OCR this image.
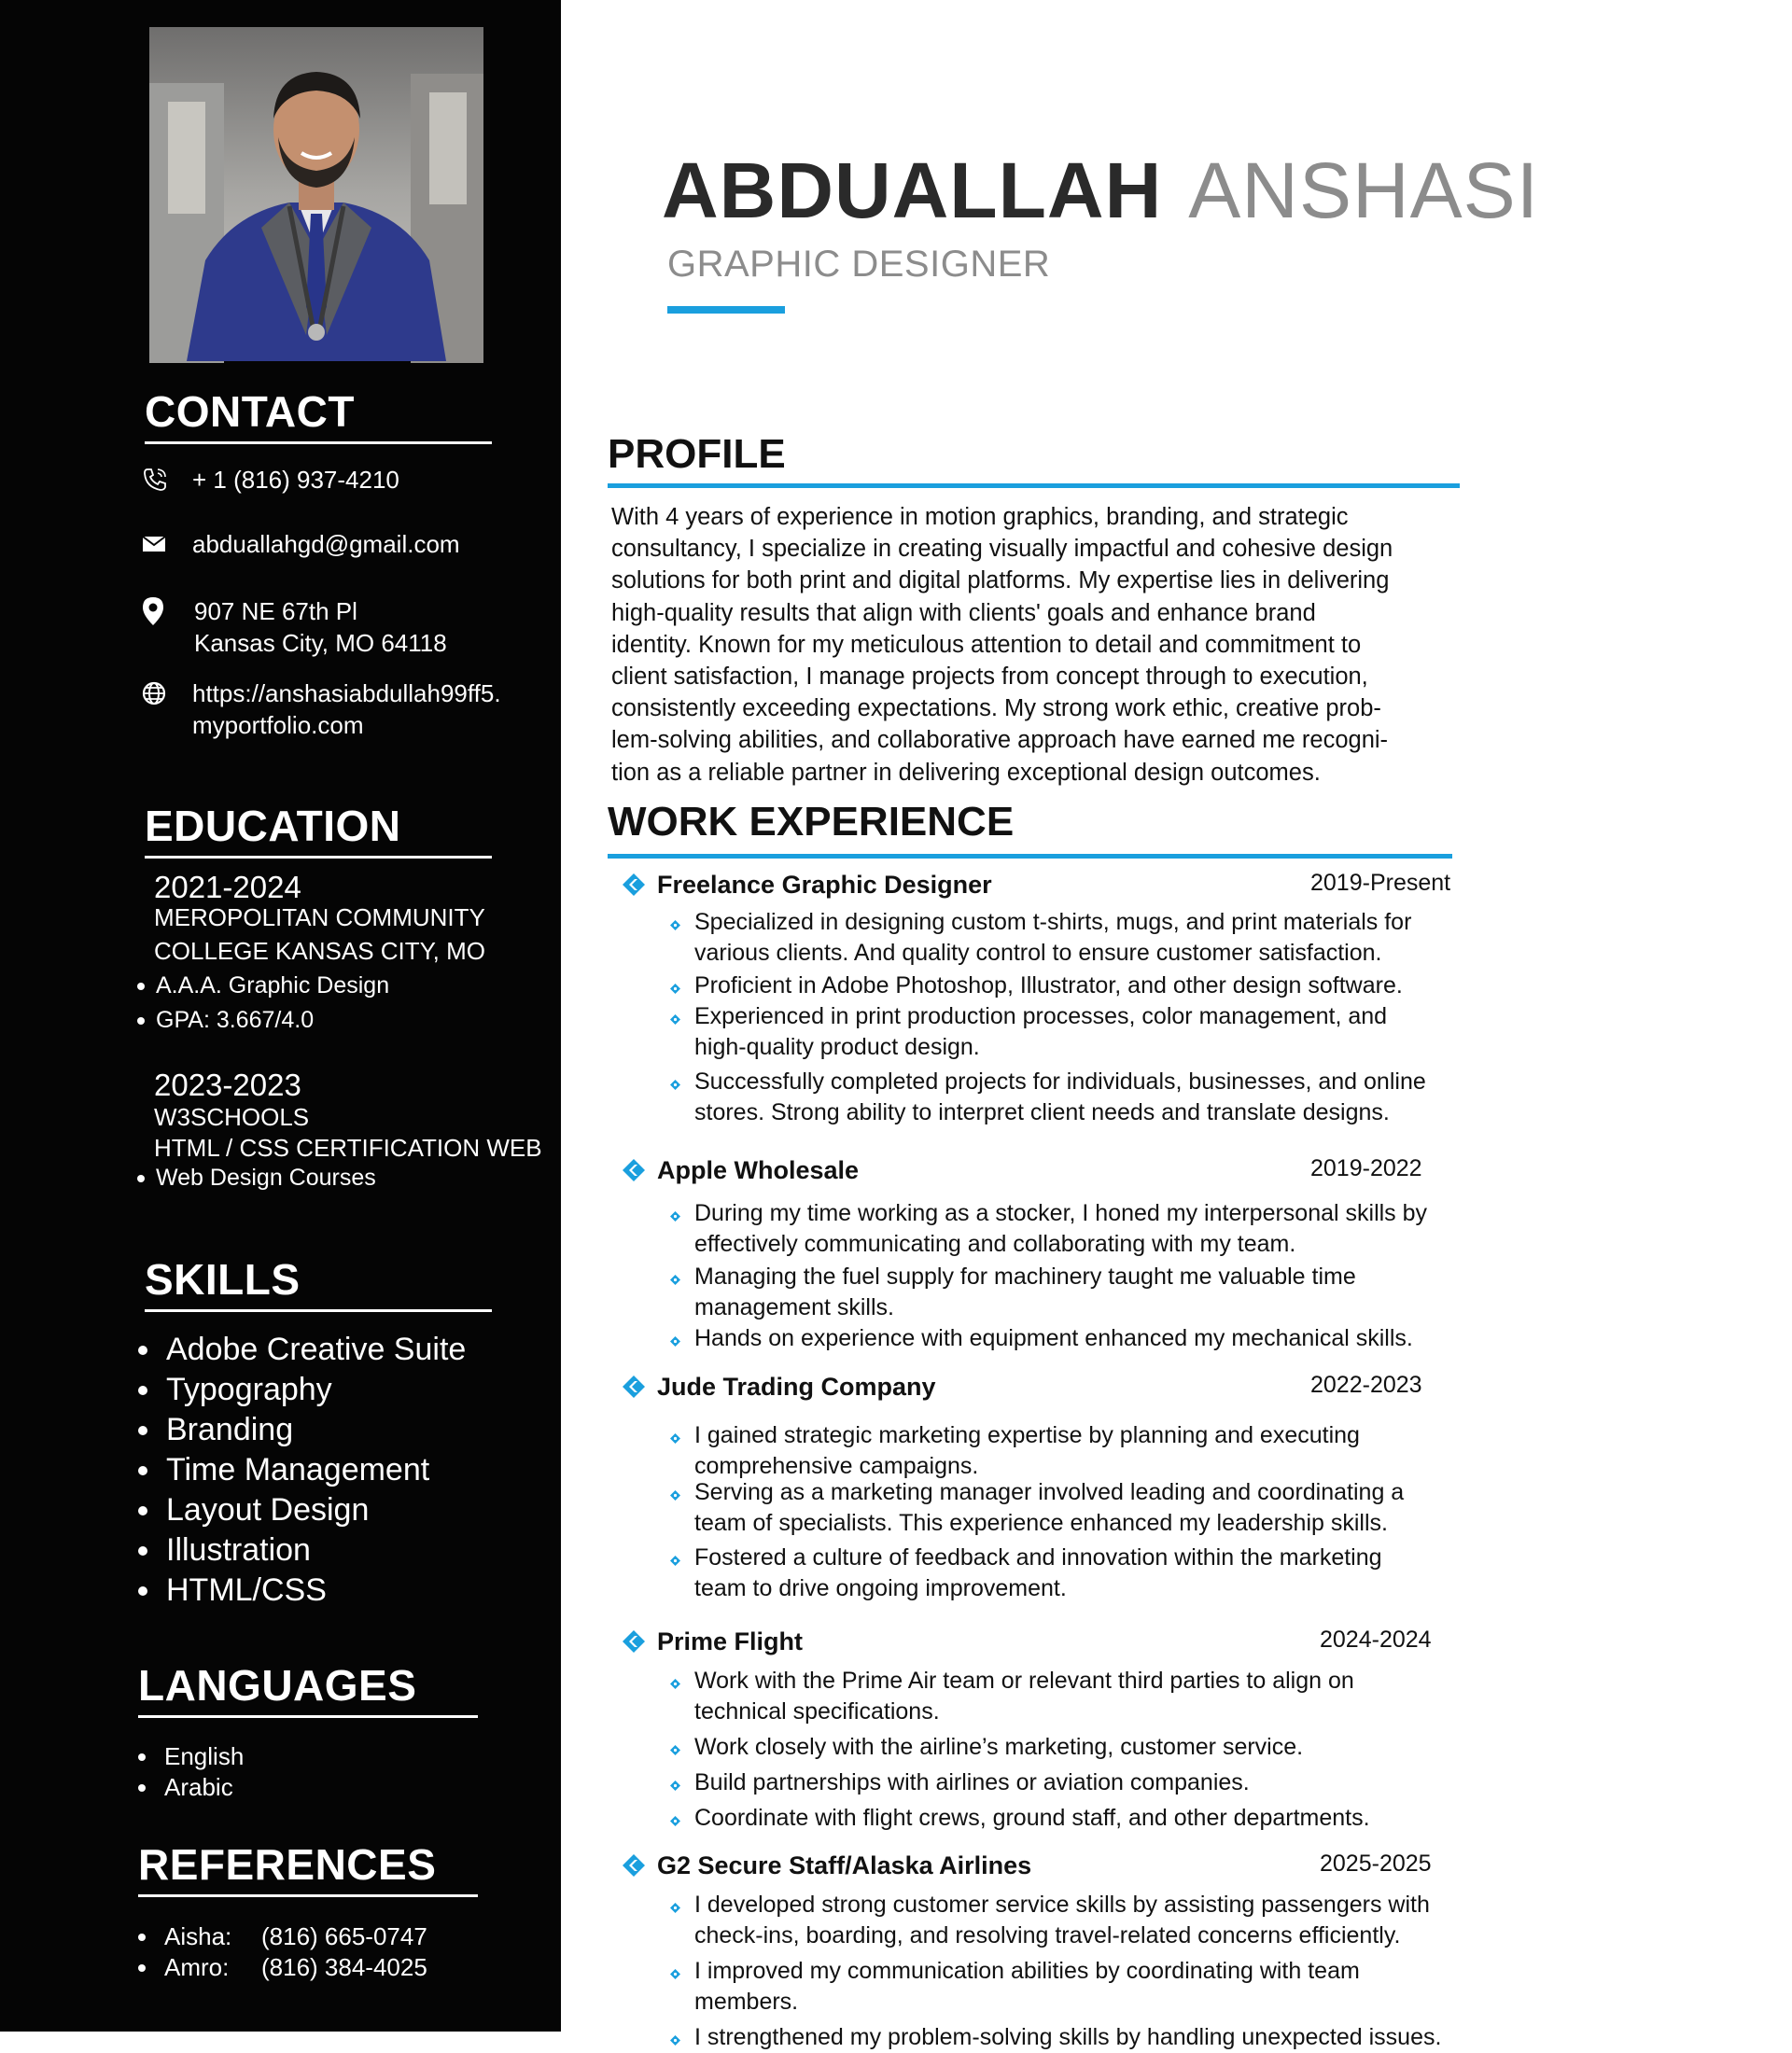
CONTACT
+ 1 (816) 937-4210
abduallahgd@gmail.com
907 NE 67th Pl
Kansas City, MO 64118
https://anshasiabdullah99ff5.
myportfolio.com
EDUCATION
2021-2024
MEROPOLITAN COMMUNITY
COLLEGE KANSAS CITY, MO
A.A.A. Graphic Design
GPA: 3.667/4.0
2023-2023
W3SCHOOLS
HTML / CSS CERTIFICATION WEB
Web Design Courses
SKILLS
Adobe Creative Suite
Typography
Branding
Time Management
Layout Design
Illustration
HTML/CSS
LANGUAGES
English
Arabic
REFERENCES
Aisha:	(816) 665-0747
Amro:	(816) 384-4025
ABDUALLAH ANSHASI
GRAPHIC DESIGNER
PROFILE
With 4 years of experience in motion graphics, branding, and strategic
consultancy, I specialize in creating visually impactful and cohesive design
solutions for both print and digital platforms. My expertise lies in delivering
high-quality results that align with clients' goals and enhance brand
identity. Known for my meticulous attention to detail and commitment to
client satisfaction, I manage projects from concept through to execution,
consistently exceeding expectations. My strong work ethic, creative prob-
lem-solving abilities, and collaborative approach have earned me recogni-
tion as a reliable partner in delivering exceptional design outcomes.
WORK EXPERIENCE
Freelance Graphic Designer	2019-Present
Specialized in designing custom t-shirts, mugs, and print materials for
various clients. And quality control to ensure customer satisfaction.
Proficient in Adobe Photoshop, Illustrator, and other design software.
Experienced in print production processes, color management, and
high-quality product design.
Successfully completed projects for individuals, businesses, and online
stores. Strong ability to interpret client needs and translate designs.
Apple Wholesale	2019-2022
During my time working as a stocker, I honed my interpersonal skills by
effectively communicating and collaborating with my team.
Managing the fuel supply for machinery taught me valuable time
management skills.
Hands on experience with equipment enhanced my mechanical skills.
Jude Trading Company	2022-2023
I gained strategic marketing expertise by planning and executing
comprehensive campaigns.
Serving as a marketing manager involved leading and coordinating a
team of specialists. This experience enhanced my leadership skills.
Fostered a culture of feedback and innovation within the marketing
team to drive ongoing improvement.
Prime Flight	2024-2024
Work with the Prime Air team or relevant third parties to align on
technical specifications.
Work closely with the airline’s marketing, customer service.
Build partnerships with airlines or aviation companies.
Coordinate with flight crews, ground staff, and other departments.
G2 Secure Staff/Alaska Airlines	2025-2025
I developed strong customer service skills by assisting passengers with
check-ins, boarding, and resolving travel-related concerns efficiently.
I improved my communication abilities by coordinating with team members.
I strengthened my problem-solving skills by handling unexpected issues.
